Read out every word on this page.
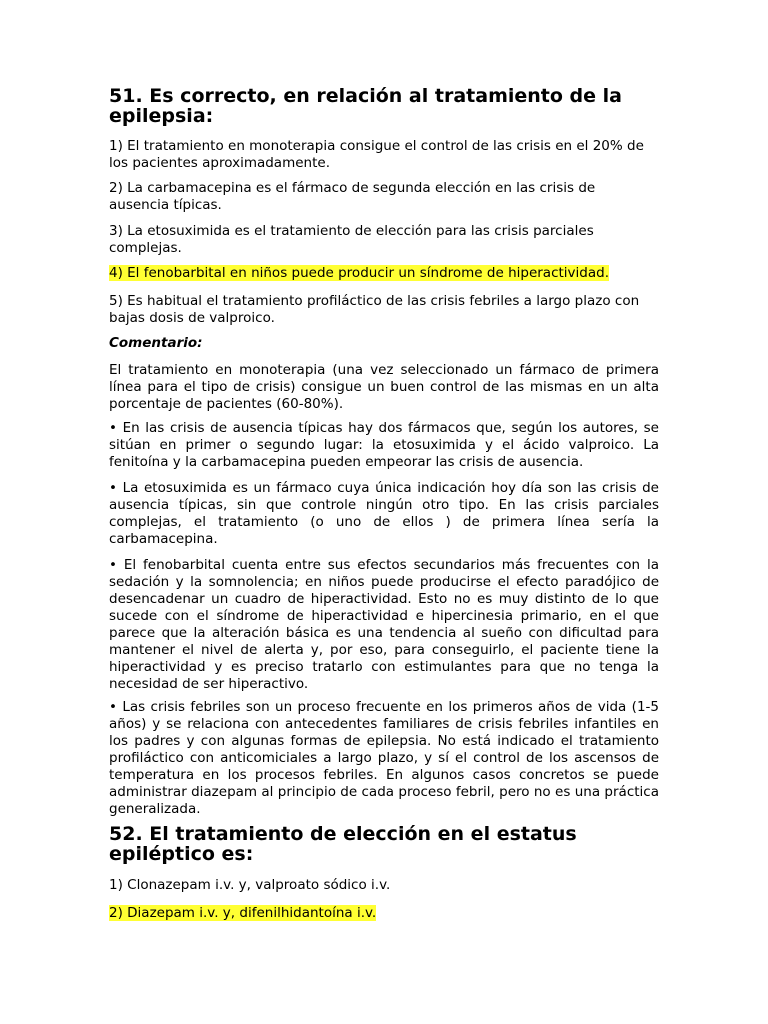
51. Es correcto, en relación al tratamiento de la epilepsia:

1) El tratamiento en monoterapia consigue el control de las crisis en el 20% de los pacientes aproximadamente.

2) La carbamacepina es el fármaco de segunda elección en las crisis de ausencia típicas.

3) La etosuximida es el tratamiento de elección para las crisis parciales complejas.

4) El fenobarbital en niños puede producir un síndrome de hiperactividad.

5) Es habitual el tratamiento profiláctico de las crisis febriles a largo plazo con bajas dosis de valproico.

Comentario:

El tratamiento en monoterapia (una vez seleccionado un fármaco de primera línea para el tipo de crisis) consigue un buen control de las mismas en un alta porcentaje de pacientes (60-80%).

• En las crisis de ausencia típicas hay dos fármacos que, según los autores, se sitúan en primer o segundo lugar: la etosuximida y el ácido valproico. La fenitoína y la carbamacepina pueden empeorar las crisis de ausencia.

• La etosuximida es un fármaco cuya única indicación hoy día son las crisis de ausencia típicas, sin que controle ningún otro tipo. En las crisis parciales complejas, el tratamiento (o uno de ellos ) de primera línea sería la carbamacepina.

• El fenobarbital cuenta entre sus efectos secundarios más frecuentes con la sedación y la somnolencia; en niños puede producirse el efecto paradójico de desencadenar un cuadro de hiperactividad. Esto no es muy distinto de lo que sucede con el síndrome de hiperactividad e hipercinesia primario, en el que parece que la alteración básica es una tendencia al sueño con dificultad para mantener el nivel de alerta y, por eso, para conseguirlo, el paciente tiene la hiperactividad y es preciso tratarlo con estimulantes para que no tenga la necesidad de ser hiperactivo.

• Las crisis febriles son un proceso frecuente en los primeros años de vida (1-5 años) y se relaciona con antecedentes familiares de crisis febriles infantiles en los padres y con algunas formas de epilepsia. No está indicado el tratamiento profiláctico con anticomiciales a largo plazo, y sí el control de los ascensos de temperatura en los procesos febriles. En algunos casos concretos se puede administrar diazepam al principio de cada proceso febril, pero no es una práctica generalizada.

52. El tratamiento de elección en el estatus epiléptico es:

1) Clonazepam i.v. y, valproato sódico i.v.

2) Diazepam i.v. y, difenilhidantoína i.v.
